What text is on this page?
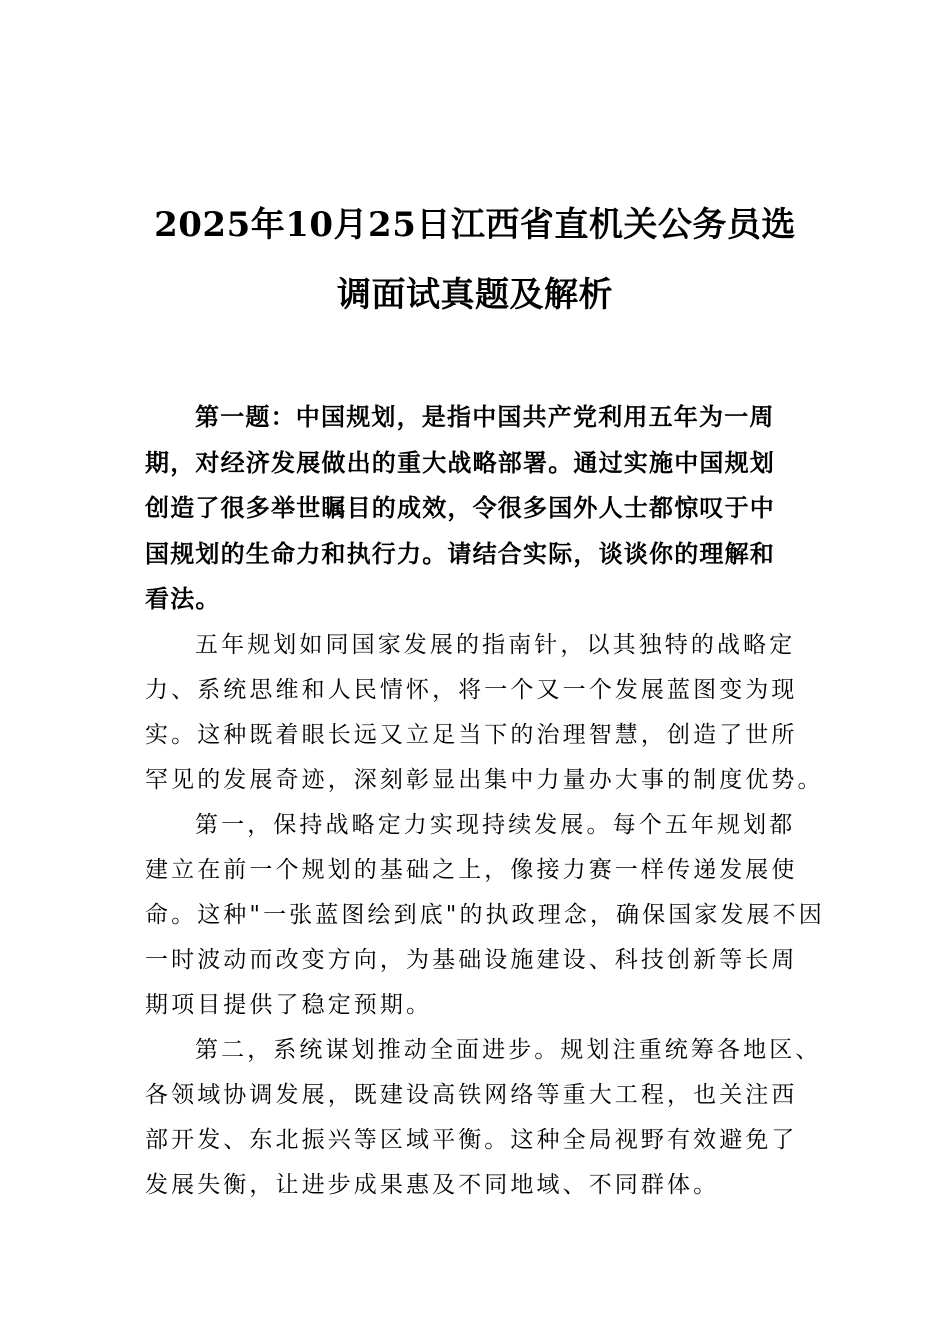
2025年10月25日江西省直机关公务员选
调面试真题及解析

第一题：中国规划，是指中国共产党利用五年为一周
期，对经济发展做出的重大战略部署。通过实施中国规划
创造了很多举世瞩目的成效，令很多国外人士都惊叹于中
国规划的生命力和执行力。请结合实际，谈谈你的理解和
看法。

五年规划如同国家发展的指南针，以其独特的战略定
力、系统思维和人民情怀，将一个又一个发展蓝图变为现
实。这种既着眼长远又立足当下的治理智慧，创造了世所
罕见的发展奇迹，深刻彰显出集中力量办大事的制度优势。

第一，保持战略定力实现持续发展。每个五年规划都
建立在前一个规划的基础之上，像接力赛一样传递发展使
命。这种"一张蓝图绘到底"的执政理念，确保国家发展不因
一时波动而改变方向，为基础设施建设、科技创新等长周
期项目提供了稳定预期。

第二，系统谋划推动全面进步。规划注重统筹各地区、
各领域协调发展，既建设高铁网络等重大工程，也关注西
部开发、东北振兴等区域平衡。这种全局视野有效避免了
发展失衡，让进步成果惠及不同地域、不同群体。
